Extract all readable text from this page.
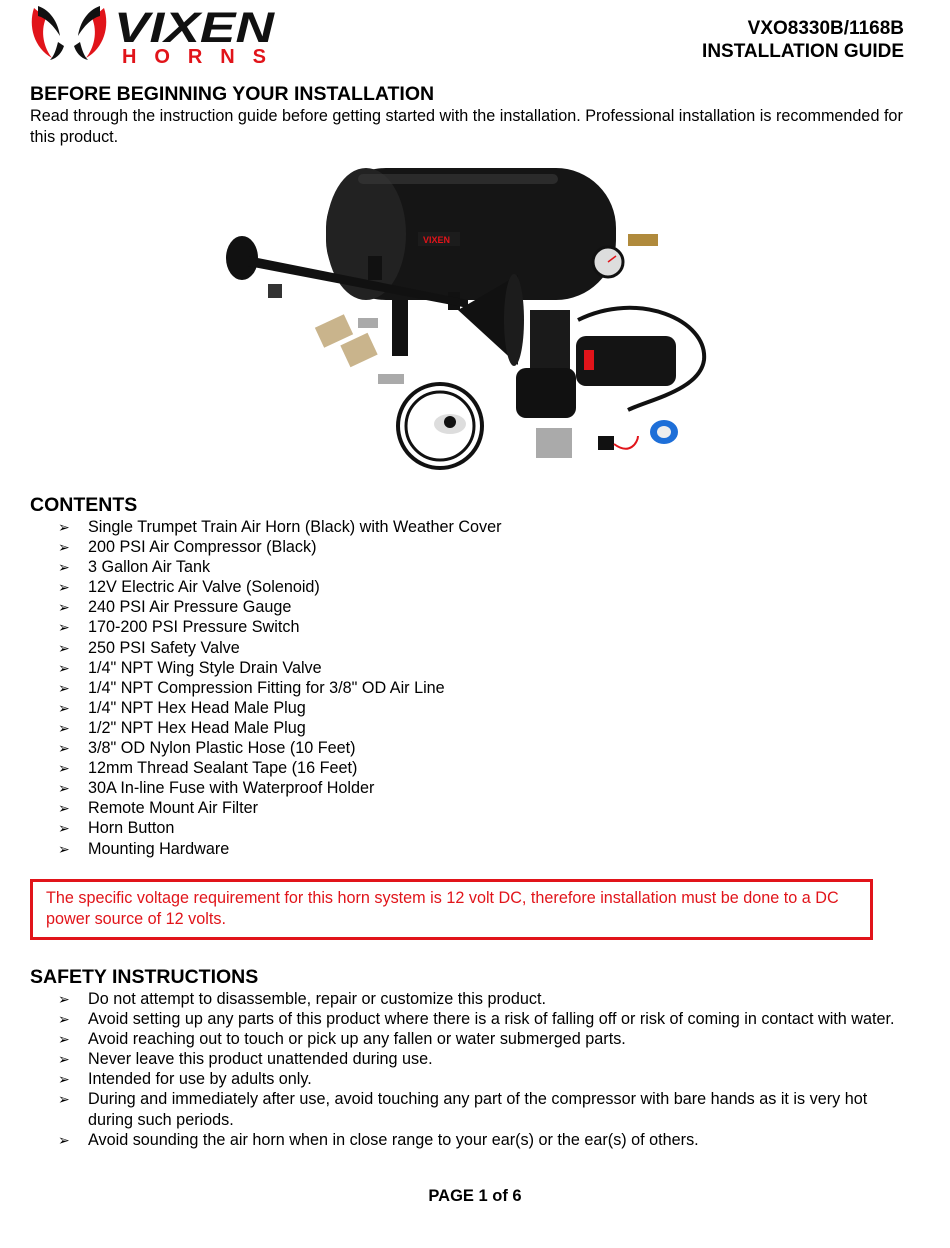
VIXEN
HORNS
VXO8330B/1168B
INSTALLATION GUIDE
BEFORE BEGINNING YOUR INSTALLATION
Read through the instruction guide before getting started with the installation. Professional installation is recommended for this product.
VIXEN
CONTENTS
➢ Single Trumpet Train Air Horn (Black) with Weather Cover
➢ 200 PSI Air Compressor (Black)
➢ 3 Gallon Air Tank
➢ 12V Electric Air Valve (Solenoid)
➢ 240 PSI Air Pressure Gauge
➢ 170-200 PSI Pressure Switch
➢ 250 PSI Safety Valve
➢ 1/4" NPT Wing Style Drain Valve
➢ 1/4" NPT Compression Fitting for 3/8" OD Air Line
➢ 1/4" NPT Hex Head Male Plug
➢ 1/2" NPT Hex Head Male Plug
➢ 3/8" OD Nylon Plastic Hose (10 Feet)
➢ 12mm Thread Sealant Tape (16 Feet)
➢ 30A In-line Fuse with Waterproof Holder
➢ Remote Mount Air Filter
➢ Horn Button
➢ Mounting Hardware
The specific voltage requirement for this horn system is 12 volt DC, therefore installation must be done to a DC power source of 12 volts.
SAFETY INSTRUCTIONS
➢ Do not attempt to disassemble, repair or customize this product.
➢ Avoid setting up any parts of this product where there is a risk of falling off or risk of coming in contact with water.
➢ Avoid reaching out to touch or pick up any fallen or water submerged parts.
➢ Never leave this product unattended during use.
➢ Intended for use by adults only.
➢ During and immediately after use, avoid touching any part of the compressor with bare hands as it is very hot during such periods.
➢ Avoid sounding the air horn when in close range to your ear(s) or the ear(s) of others.
PAGE 1 of 6
